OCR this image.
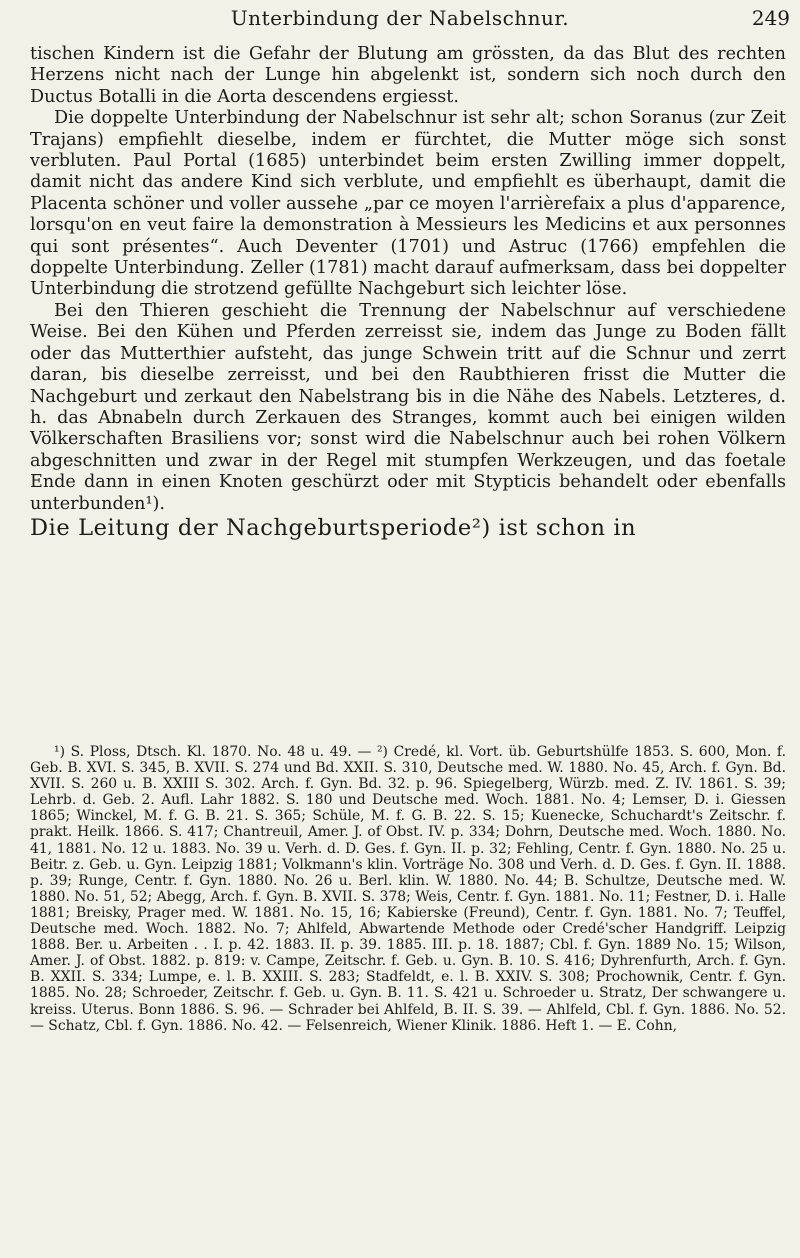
Unterbindung der Nabelschnur.	249

tischen Kindern ist die Gefahr der Blutung am grössten, da das Blut des rechten Herzens nicht nach der Lunge hin abgelenkt ist, sondern sich noch durch den Ductus Botalli in die Aorta descendens ergiesst.

Die doppelte Unterbindung der Nabelschnur ist sehr alt; schon Soranus (zur Zeit Trajans) empfiehlt dieselbe, indem er fürchtet, die Mutter möge sich sonst verbluten. Paul Portal (1685) unterbindet beim ersten Zwilling immer doppelt, damit nicht das andere Kind sich verblute, und empfiehlt es überhaupt, damit die Placenta schöner und voller aussehe „par ce moyen l'arrièrefaix a plus d'apparence, lorsqu'on en veut faire la demonstration à Messieurs les Medicins et aux personnes qui sont présentes“. Auch Deventer (1701) und Astruc (1766) empfehlen die doppelte Unterbindung. Zeller (1781) macht darauf aufmerksam, dass bei doppelter Unterbindung die strotzend gefüllte Nachgeburt sich leichter löse.

Bei den Thieren geschieht die Trennung der Nabelschnur auf verschiedene Weise. Bei den Kühen und Pferden zerreisst sie, indem das Junge zu Boden fällt oder das Mutterthier aufsteht, das junge Schwein tritt auf die Schnur und zerrt daran, bis dieselbe zerreisst, und bei den Raubthieren frisst die Mutter die Nachgeburt und zerkaut den Nabelstrang bis in die Nähe des Nabels. Letzteres, d. h. das Abnabeln durch Zerkauen des Stranges, kommt auch bei einigen wilden Völkerschaften Brasiliens vor; sonst wird die Nabelschnur auch bei rohen Völkern abgeschnitten und zwar in der Regel mit stumpfen Werkzeugen, und das foetale Ende dann in einen Knoten geschürzt oder mit Stypticis behandelt oder ebenfalls unterbunden¹).

Die Leitung der Nachgeburtsperiode²) ist schon in

¹) S. Ploss, Dtsch. Kl. 1870. No. 48 u. 49. — ²) Credé, kl. Vort. üb. Geburtshülfe 1853. S. 600, Mon. f. Geb. B. XVI. S. 345, B. XVII. S. 274 und Bd. XXII. S. 310, Deutsche med. W. 1880. No. 45, Arch. f. Gyn. Bd. XVII. S. 260 u. B. XXIII S. 302. Arch. f. Gyn. Bd. 32. p. 96. Spiegelberg, Würzb. med. Z. IV. 1861. S. 39; Lehrb. d. Geb. 2. Aufl. Lahr 1882. S. 180 und Deutsche med. Woch. 1881. No. 4; Lemser, D. i. Giessen 1865; Winckel, M. f. G. B. 21. S. 365; Schüle, M. f. G. B. 22. S. 15; Kuenecke, Schuchardt's Zeitschr. f. prakt. Heilk. 1866. S. 417; Chantreuil, Amer. J. of Obst. IV. p. 334; Dohrn, Deutsche med. Woch. 1880. No. 41, 1881. No. 12 u. 1883. No. 39 u. Verh. d. D. Ges. f. Gyn. II. p. 32; Fehling, Centr. f. Gyn. 1880. No. 25 u. Beitr. z. Geb. u. Gyn. Leipzig 1881; Volkmann's klin. Vorträge No. 308 und Verh. d. D. Ges. f. Gyn. II. 1888. p. 39; Runge, Centr. f. Gyn. 1880. No. 26 u. Berl. klin. W. 1880. No. 44; B. Schultze, Deutsche med. W. 1880. No. 51, 52; Abegg, Arch. f. Gyn. B. XVII. S. 378; Weis, Centr. f. Gyn. 1881. No. 11; Festner, D. i. Halle 1881; Breisky, Prager med. W. 1881. No. 15, 16; Kabierske (Freund), Centr. f. Gyn. 1881. No. 7; Teuffel, Deutsche med. Woch. 1882. No. 7; Ahlfeld, Abwartende Methode oder Credé'scher Handgriff. Leipzig 1888. Ber. u. Arbeiten . . I. p. 42. 1883. II. p. 39. 1885. III. p. 18. 1887; Cbl. f. Gyn. 1889 No. 15; Wilson, Amer. J. of Obst. 1882. p. 819: v. Campe, Zeitschr. f. Geb. u. Gyn. B. 10. S. 416; Dyhrenfurth, Arch. f. Gyn. B. XXII. S. 334; Lumpe, e. l. B. XXIII. S. 283; Stadfeldt, e. l. B. XXIV. S. 308; Prochownik, Centr. f. Gyn. 1885. No. 28; Schroeder, Zeitschr. f. Geb. u. Gyn. B. 11. S. 421 u. Schroeder u. Stratz, Der schwangere u. kreiss. Uterus. Bonn 1886. S. 96. — Schrader bei Ahlfeld, B. II. S. 39. — Ahlfeld, Cbl. f. Gyn. 1886. No. 52. — Schatz, Cbl. f. Gyn. 1886. No. 42. — Felsenreich, Wiener Klinik. 1886. Heft 1. — E. Cohn,
